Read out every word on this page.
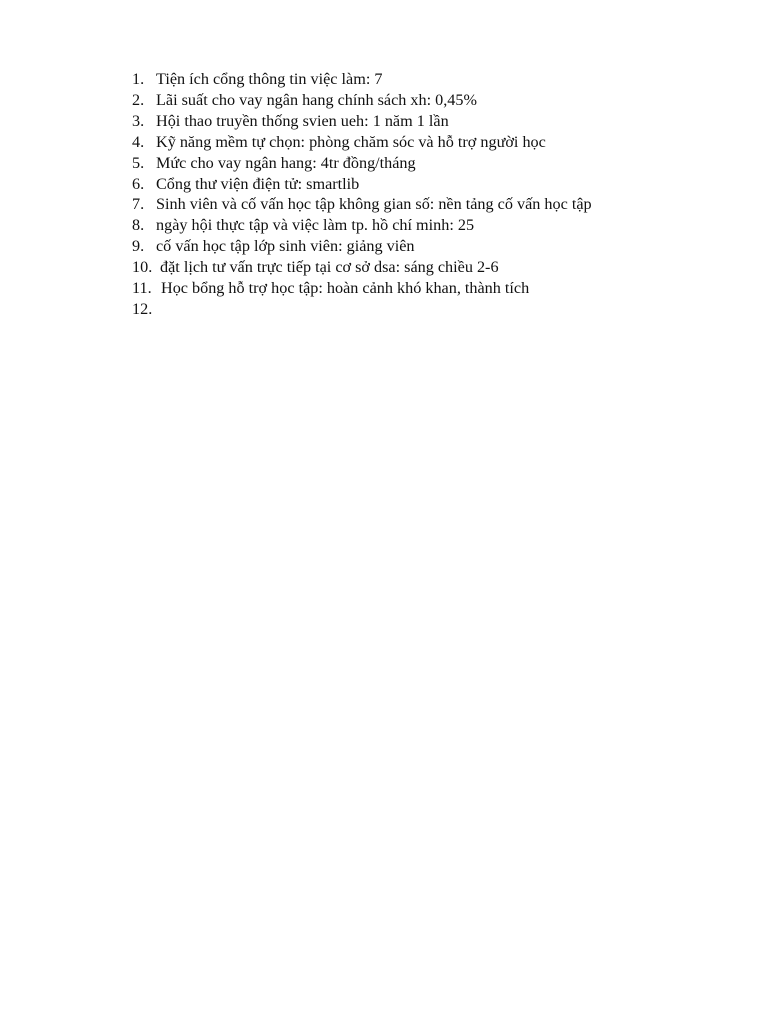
1. Tiện ích cổng thông tin việc làm: 7
2. Lãi suất cho vay ngân hang chính sách xh: 0,45%
3. Hội thao truyền thống svien ueh: 1 năm 1 lần
4. Kỹ năng mềm tự chọn: phòng chăm sóc và hỗ trợ người học
5. Mức cho vay ngân hang: 4tr đồng/tháng
6. Cổng thư viện điện tử: smartlib
7. Sinh viên và cố vấn học tập không gian số: nền tảng cố vấn học tập
8. ngày hội thực tập và việc làm tp. hồ chí minh: 25
9. cố vấn học tập lớp sinh viên: giảng viên
10. đặt lịch tư vấn trực tiếp tại cơ sở dsa: sáng chiều 2-6
11. Học bổng hỗ trợ học tập: hoàn cảnh khó khan, thành tích
12.
